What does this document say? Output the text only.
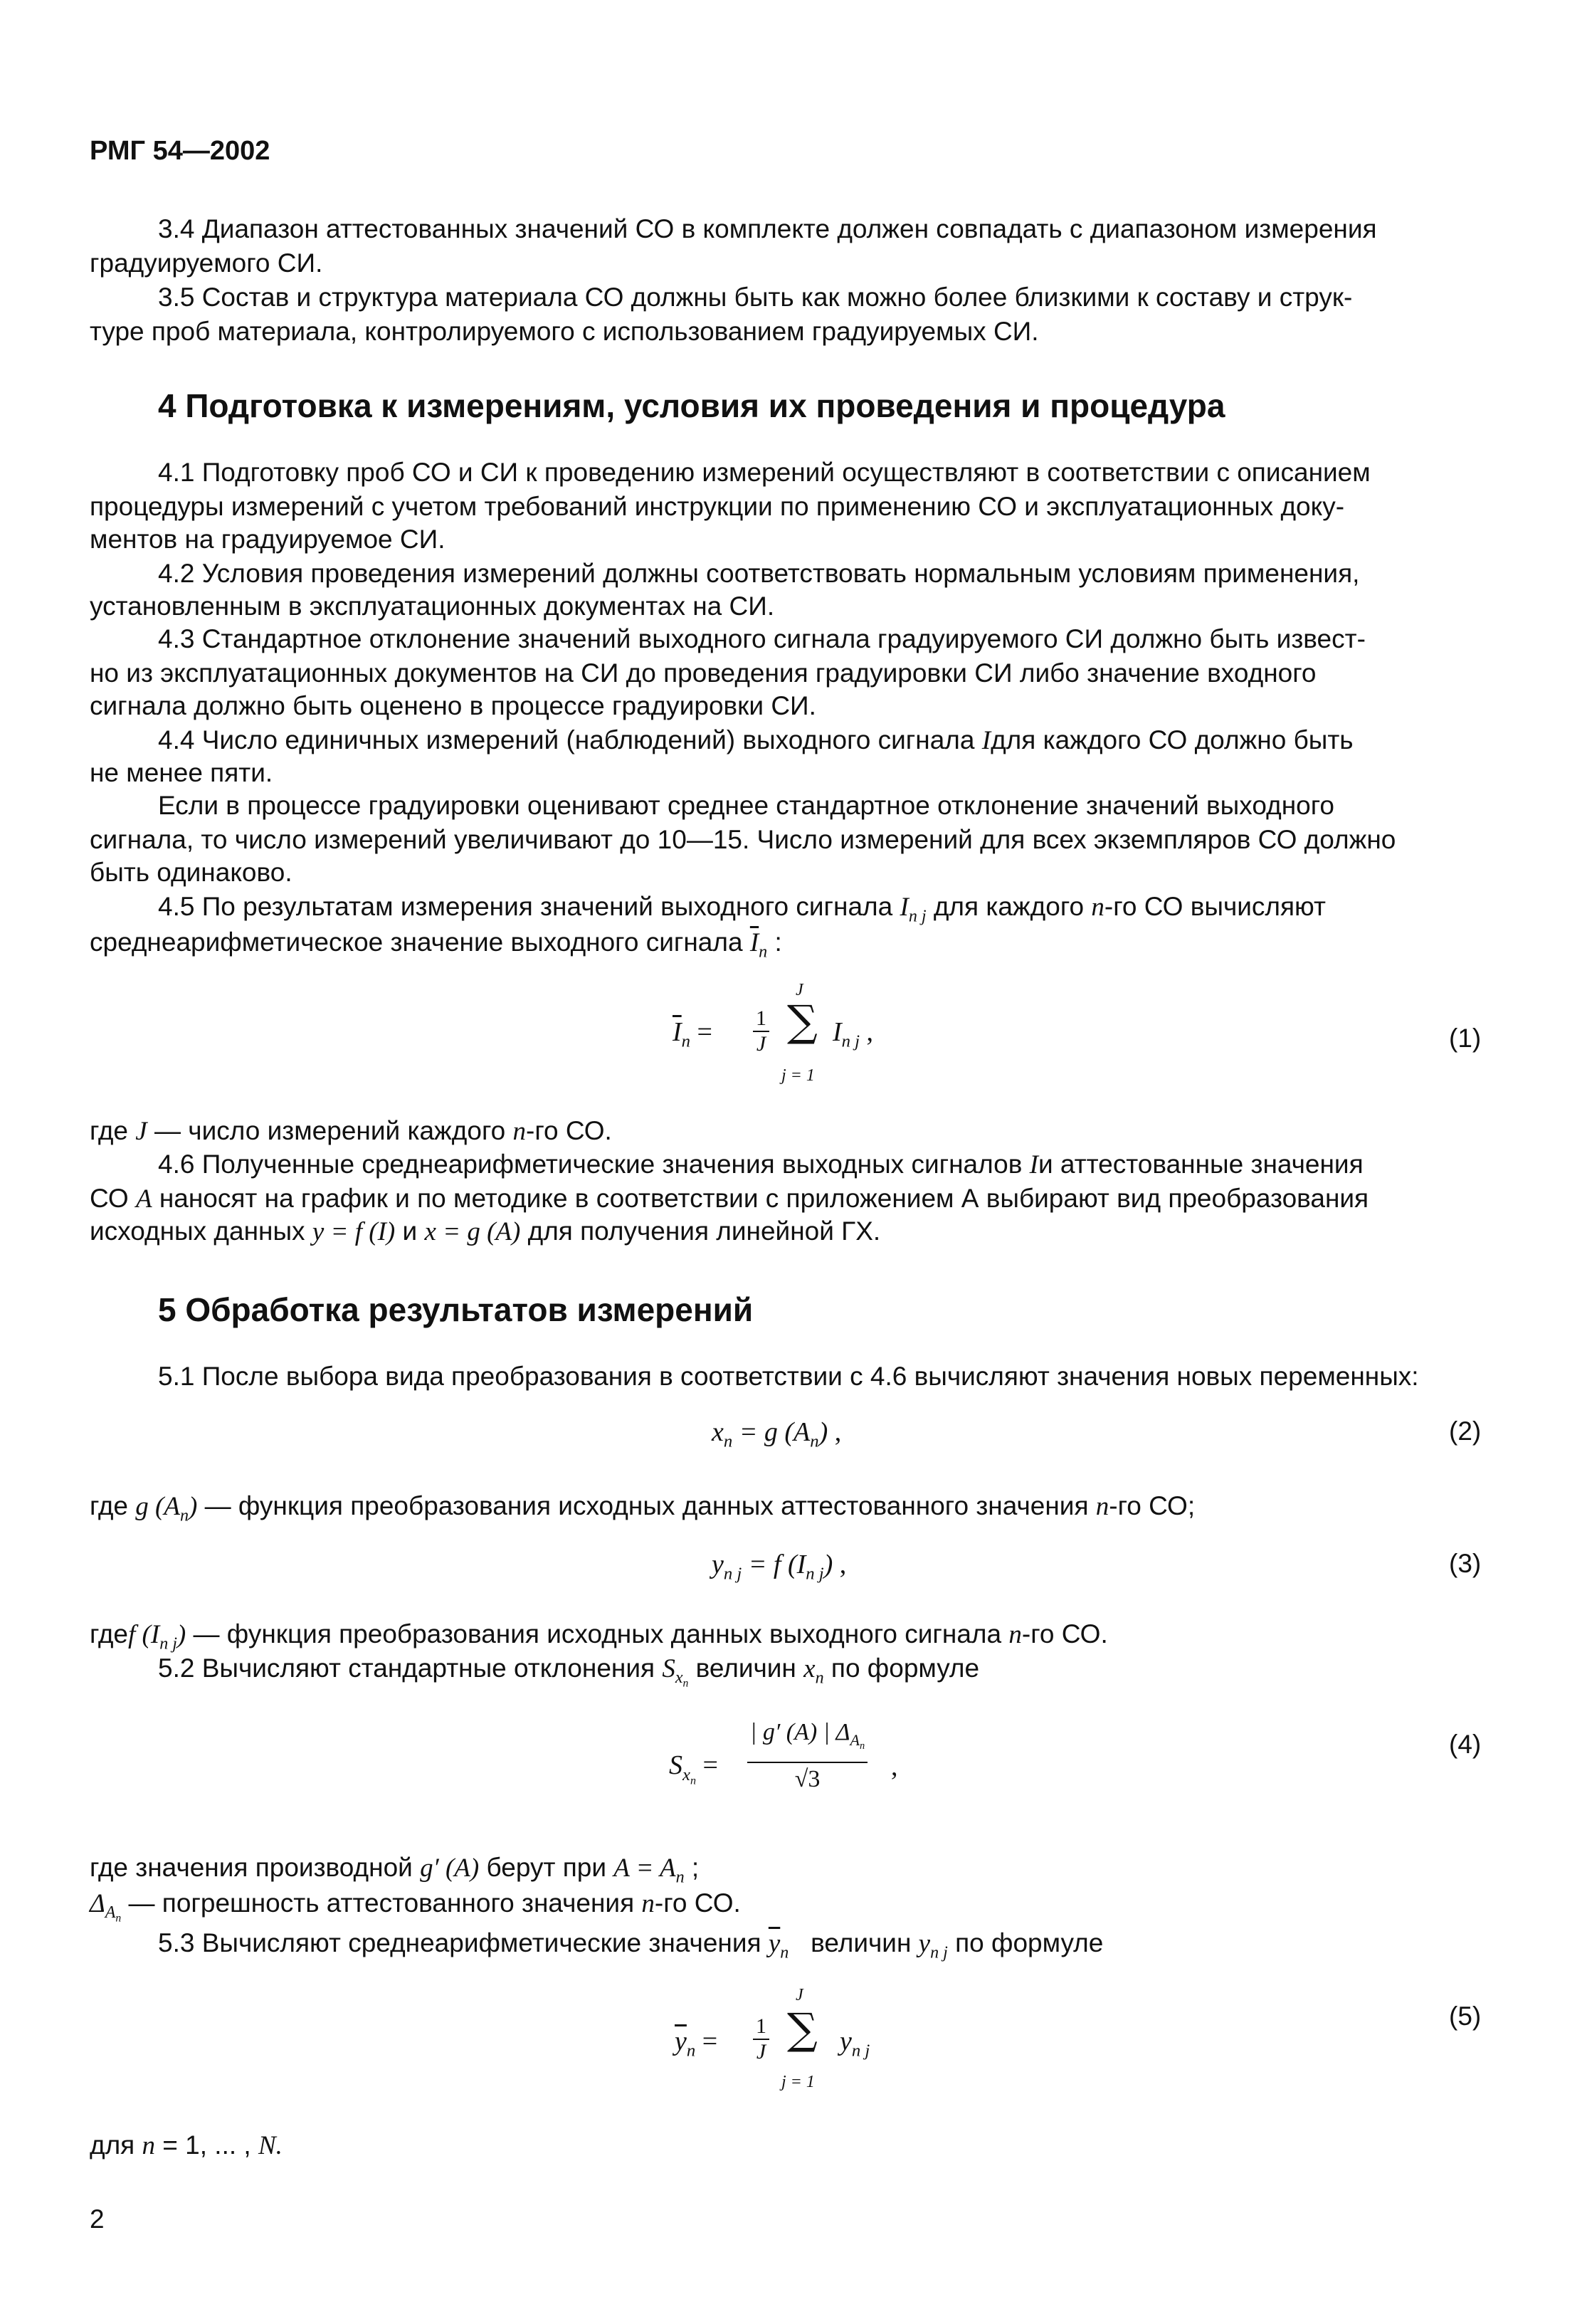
РМГ 54—2002
3.4 Диапазон аттестованных значений СО в комплекте должен совпадать с диапазоном измерения
градуируемого СИ.
3.5 Состав и структура материала СО должны быть как можно более близкими к составу и струк-
туре проб материала, контролируемого с использованием градуируемых СИ.
4 Подготовка к измерениям, условия их проведения и процедура
4.1 Подготовку проб СО и СИ к проведению измерений осуществляют в соответствии с описанием
процедуры измерений с учетом требований инструкции по применению СО и эксплуатационных доку-
ментов на градуируемое СИ.
4.2 Условия проведения измерений должны соответствовать нормальным условиям применения,
установленным в эксплуатационных документах на СИ.
4.3 Стандартное отклонение значений выходного сигнала градуируемого СИ должно быть извест-
но из эксплуатационных документов на СИ до проведения градуировки СИ либо значение входного
сигнала должно быть оценено в процессе градуировки СИ.
4.4 Число единичных измерений (наблюдений) выходного сигнала Iдля каждого СО должно быть
не менее пяти.
Если в процессе градуировки оценивают среднее стандартное отклонение значений выходного
сигнала, то число измерений увеличивают до 10—15. Число измерений для всех экземпляров СО должно
быть одинаково.
4.5 По результатам измерения значений выходного сигнала $I_{n j}$ для каждого n-го СО вычисляют
среднеарифметическое значение выходного сигнала $\overline{I}_n$ :
J
$\overline{I}_n = \frac{1}{J}$ ∑ $I_{n j}$ ,
j = 1
(1)
где J — число измерений каждого n-го СО.
4.6 Полученные среднеарифметические значения выходных сигналов Iи аттестованные значения
СО A наносят на график и по методике в соответствии с приложением А выбирают вид преобразования
исходных данных y = f (I) и x = g (A) для получения линейной ГХ.
5 Обработка результатов измерений
5.1 После выбора вида преобразования в соответствии с 4.6 вычисляют значения новых переменных:
$x_n = g$ $(A_n)$ ,	(2)
где g $(A_n)$ — функция преобразования исходных данных аттестованного значения n-го СО;
$y_{n j} = f$ $(I_{n j})$ ,	(3)
гдеf $(I_{n j})$ — функция преобразования исходных данных выходного сигнала n-го СО.
5.2 Вычисляют стандартные отклонения $S_{x_n}$ величин $x_n$ по формуле
$S_{x_n} = \frac{| g' (A) | \Delta_{A_n}}{√3}$ ,
(4)
где значения производной g′ (A) берут при $A = A_n$ ;
$\Delta_{A_n}$ — погрешность аттестованного значения n-го СО.
5.3 Вычисляют среднеарифметические значения $\overline{y}_n$ величин $y_{n j}$ по формуле
J
$\overline{y}_n = \frac{1}{J}$ ∑ $y_{n j}$
j = 1
(5)
для n = 1, ... , N.
2
